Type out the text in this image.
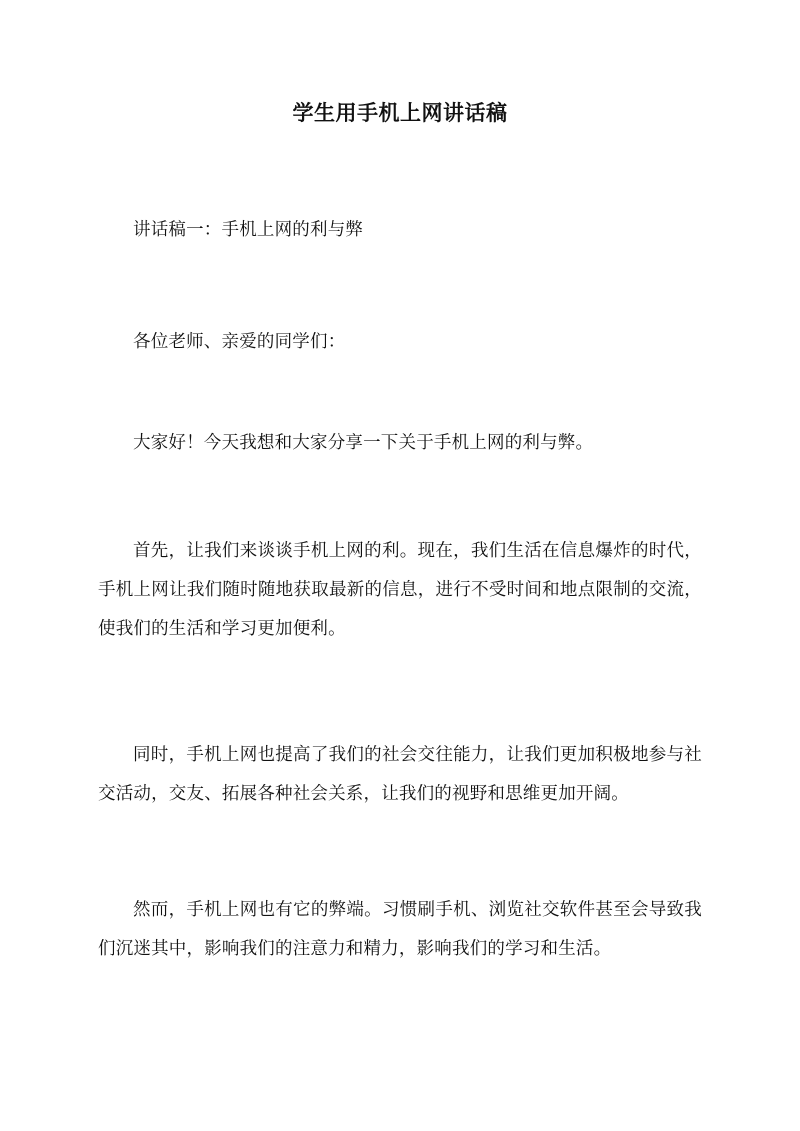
学生用手机上网讲话稿

讲话稿一：手机上网的利与弊

各位老师、亲爱的同学们：

大家好！今天我想和大家分享一下关于手机上网的利与弊。

首先，让我们来谈谈手机上网的利。现在，我们生活在信息爆炸的时代，手机上网让我们随时随地获取最新的信息，进行不受时间和地点限制的交流，使我们的生活和学习更加便利。

同时，手机上网也提高了我们的社会交往能力，让我们更加积极地参与社交活动，交友、拓展各种社会关系，让我们的视野和思维更加开阔。

然而，手机上网也有它的弊端。习惯刷手机、浏览社交软件甚至会导致我们沉迷其中，影响我们的注意力和精力，影响我们的学习和生活。
